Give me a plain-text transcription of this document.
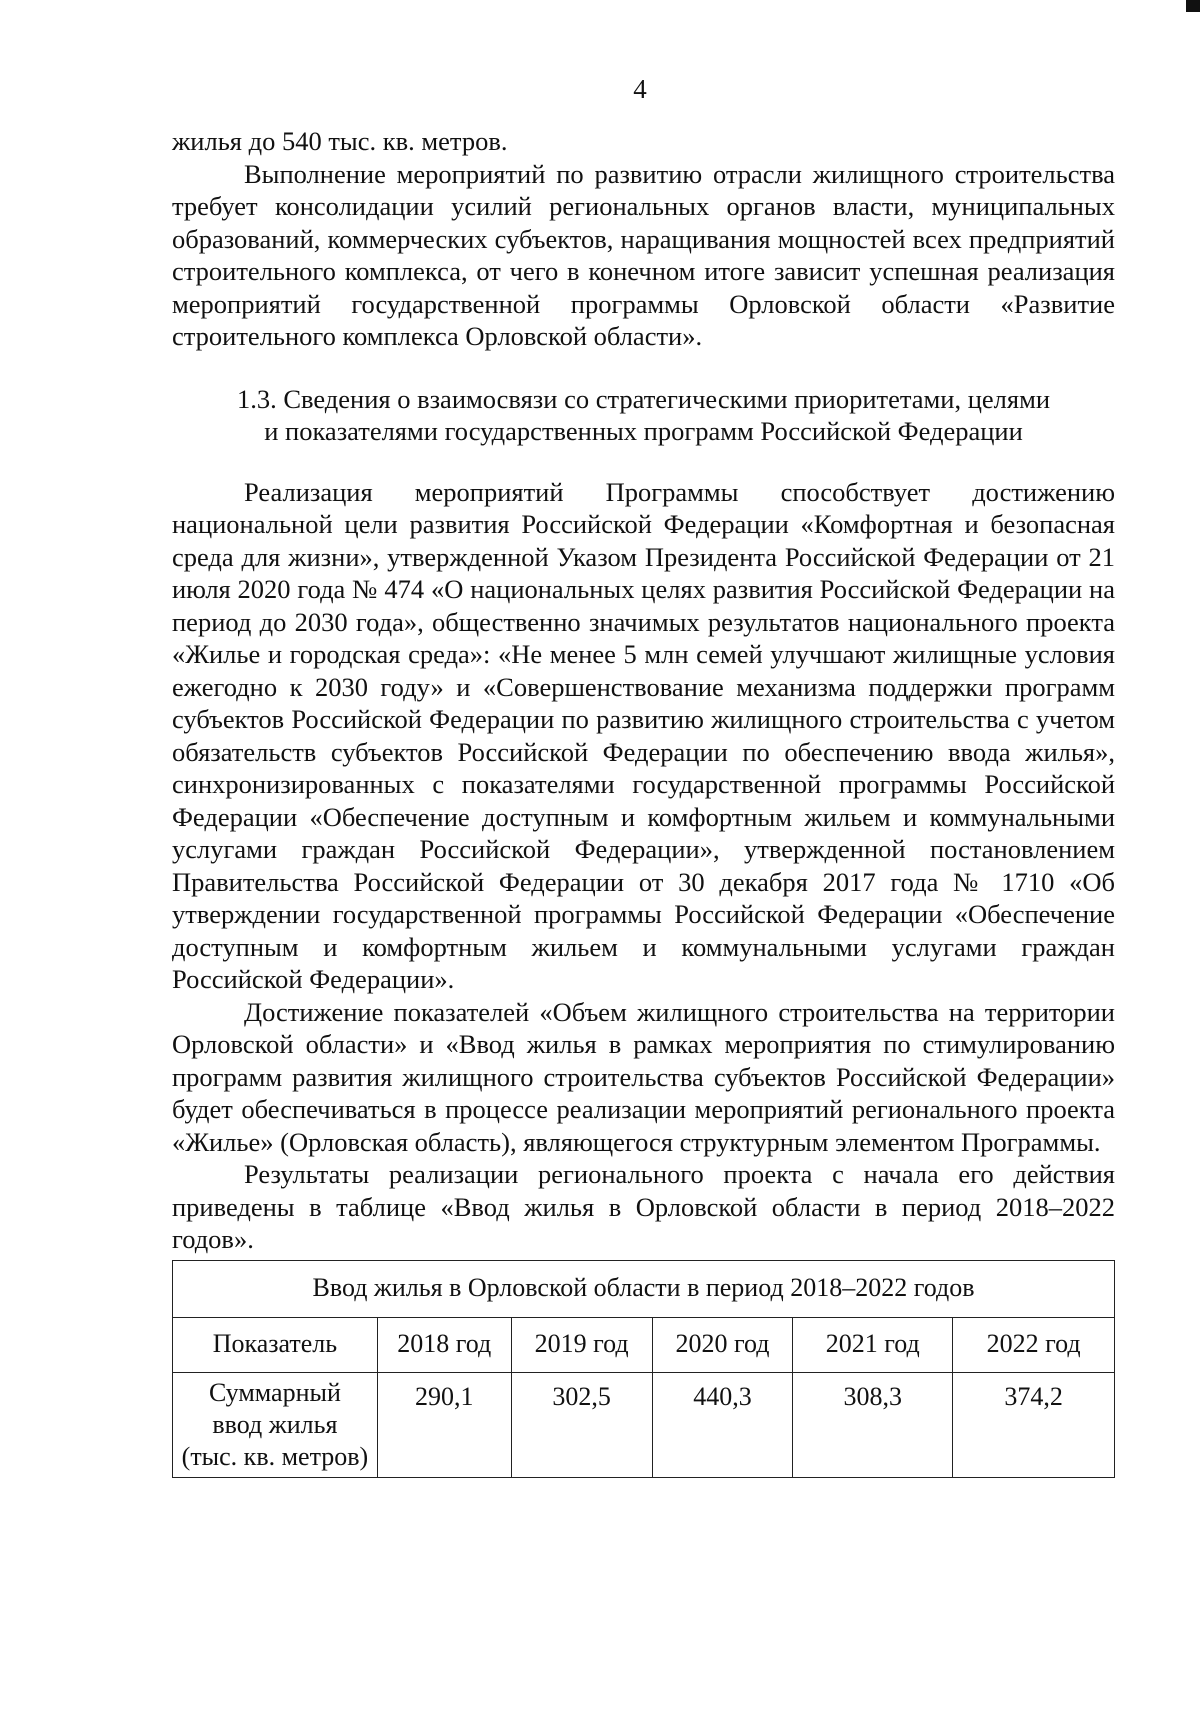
4

жилья до 540 тыс. кв. метров.

Выполнение мероприятий по развитию отрасли жилищного строительства требует консолидации усилий региональных органов власти, муниципальных образований, коммерческих субъектов, наращивания мощностей всех предприятий строительного комплекса, от чего в конечном итоге зависит успешная реализация мероприятий государственной программы Орловской области «Развитие строительного комплекса Орловской области».

1.3. Сведения о взаимосвязи со стратегическими приоритетами, целями
и показателями государственных программ Российской Федерации

Реализация мероприятий Программы способствует достижению национальной цели развития Российской Федерации «Комфортная и безопасная среда для жизни», утвержденной Указом Президента Российской Федерации от 21 июля 2020 года № 474 «О национальных целях развития Российской Федерации на период до 2030 года», общественно значимых результатов национального проекта «Жилье и городская среда»: «Не менее 5 млн семей улучшают жилищные условия ежегодно к 2030 году» и «Совершенствование механизма поддержки программ субъектов Российской Федерации по развитию жилищного строительства с учетом обязательств субъектов Российской Федерации по обеспечению ввода жилья», синхронизированных с показателями государственной программы Российской Федерации «Обеспечение доступным и комфортным жильем и коммунальными услугами граждан Российской Федерации», утвержденной постановлением Правительства Российской Федерации от 30 декабря 2017 года № 1710 «Об утверждении государственной программы Российской Федерации «Обеспечение доступным и комфортным жильем и коммунальными услугами граждан Российской Федерации».

Достижение показателей «Объем жилищного строительства на территории Орловской области» и «Ввод жилья в рамках мероприятия по стимулированию программ развития жилищного строительства субъектов Российской Федерации» будет обеспечиваться в процессе реализации мероприятий регионального проекта «Жилье» (Орловская область), являющегося структурным элементом Программы.

Результаты реализации регионального проекта с начала его действия приведены в таблице «Ввод жилья в Орловской области в период 2018–2022 годов».

Ввод жилья в Орловской области в период 2018–2022 годов					
Показатель	2018 год	2019 год	2020 год	2021 год	2022 год

Суммарный
ввод жилья
(тыс. кв. метров)	290,1	302,5	440,3	308,3	374,2
